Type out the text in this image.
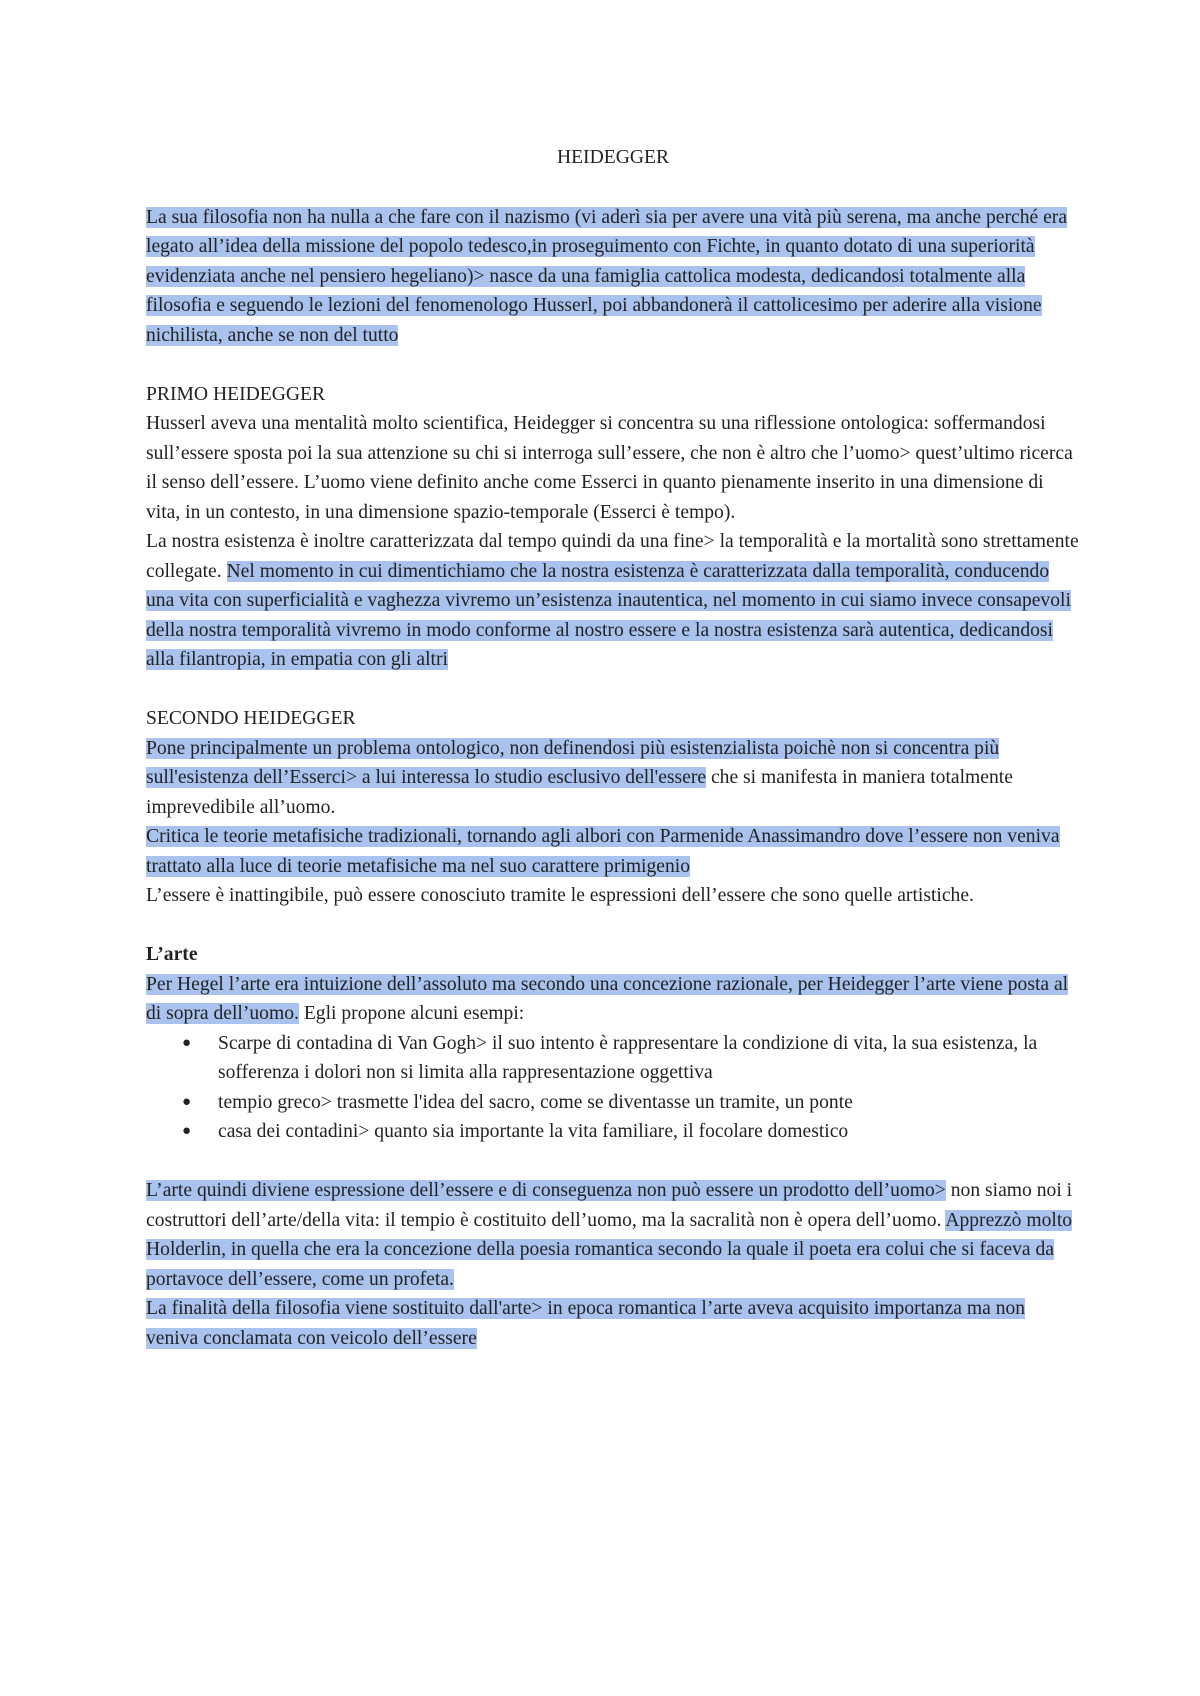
HEIDEGGER

La sua filosofia non ha nulla a che fare con il nazismo (vi aderì sia per avere una vità più serena, ma anche perché era legato all’idea della missione del popolo tedesco,in proseguimento con Fichte, in quanto dotato di una superiorità evidenziata anche nel pensiero hegeliano)> nasce da una famiglia cattolica modesta, dedicandosi totalmente alla filosofia e seguendo le lezioni del fenomenologo Husserl, poi abbandonerà il cattolicesimo per aderire alla visione nichilista, anche se non del tutto

PRIMO HEIDEGGER

Husserl aveva una mentalità molto scientifica, Heidegger si concentra su una riflessione ontologica: soffermandosi sull’essere sposta poi la sua attenzione su chi si interroga sull’essere, che non è altro che l’uomo> quest’ultimo ricerca il senso dell’essere. L’uomo viene definito anche come Esserci in quanto pienamente inserito in una dimensione di vita, in un contesto, in una dimensione spazio-temporale (Esserci è tempo).

La nostra esistenza è inoltre caratterizzata dal tempo quindi da una fine> la temporalità e la mortalità sono strettamente collegate. Nel momento in cui dimentichiamo che la nostra esistenza è caratterizzata dalla temporalità, conducendo una vita con superficialità e vaghezza vivremo un’esistenza inautentica, nel momento in cui siamo invece consapevoli della nostra temporalità vivremo in modo conforme al nostro essere e la nostra esistenza sarà autentica, dedicandosi alla filantropia, in empatia con gli altri

SECONDO HEIDEGGER

Pone principalmente un problema ontologico, non definendosi più esistenzialista poichè non si concentra più sull'esistenza dell’Esserci> a lui interessa lo studio esclusivo dell'essere che si manifesta in maniera totalmente imprevedibile all’uomo.

Critica le teorie metafisiche tradizionali, tornando agli albori con Parmenide Anassimandro dove l’essere non veniva trattato alla luce di teorie metafisiche ma nel suo carattere primigenio

L’essere è inattingibile, può essere conosciuto tramite le espressioni dell’essere che sono quelle artistiche.

L’arte

Per Hegel l’arte era intuizione dell’assoluto ma secondo una concezione razionale, per Heidegger l’arte viene posta al di sopra dell’uomo. Egli propone alcuni esempi:

● Scarpe di contadina di Van Gogh> il suo intento è rappresentare la condizione di vita, la sua esistenza, la sofferenza i dolori non si limita alla rappresentazione oggettiva
● tempio greco> trasmette l'idea del sacro, come se diventasse un tramite, un ponte
● casa dei contadini> quanto sia importante la vita familiare, il focolare domestico

L’arte quindi diviene espressione dell’essere e di conseguenza non può essere un prodotto dell’uomo> non siamo noi i costruttori dell’arte/della vita: il tempio è costituito dell’uomo, ma la sacralità non è opera dell’uomo. Apprezzò molto Holderlin, in quella che era la concezione della poesia romantica secondo la quale il poeta era colui che si faceva da portavoce dell’essere, come un profeta.

La finalità della filosofia viene sostituito dall'arte> in epoca romantica l’arte aveva acquisito importanza ma non veniva conclamata con veicolo dell’essere
